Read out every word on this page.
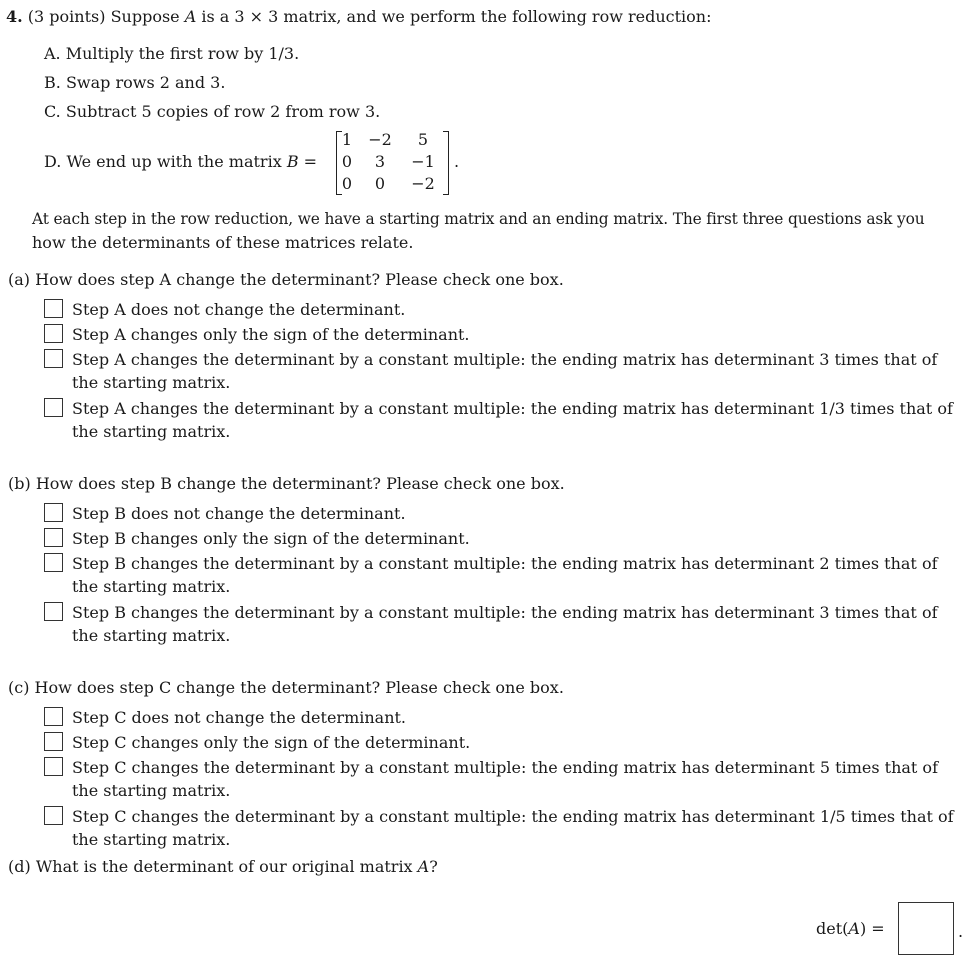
4. (3 points) Suppose A is a 3 × 3 matrix, and we perform the following row reduction:
A. Multiply the first row by 1/3.
B. Swap rows 2 and 3.
C. Subtract 5 copies of row 2 from row 3.
D. We end up with the matrix B =
1	−2	5
0	3	−1
0	0	−2
.
At each step in the row reduction, we have a starting matrix and an ending matrix. The first three questions ask you
how the determinants of these matrices relate.
(a) How does step A change the determinant? Please check one box.
Step A does not change the determinant.
Step A changes only the sign of the determinant.
Step A changes the determinant by a constant multiple: the ending matrix has determinant 3 times that of the starting matrix.
Step A changes the determinant by a constant multiple: the ending matrix has determinant 1/3 times that of the starting matrix.
(b) How does step B change the determinant? Please check one box.
Step B does not change the determinant.
Step B changes only the sign of the determinant.
Step B changes the determinant by a constant multiple: the ending matrix has determinant 2 times that of the starting matrix.
Step B changes the determinant by a constant multiple: the ending matrix has determinant 3 times that of the starting matrix.
(c) How does step C change the determinant? Please check one box.
Step C does not change the determinant.
Step C changes only the sign of the determinant.
Step C changes the determinant by a constant multiple: the ending matrix has determinant 5 times that of the starting matrix.
Step C changes the determinant by a constant multiple: the ending matrix has determinant 1/5 times that of the starting matrix.
(d) What is the determinant of our original matrix A?
det(A) =	.
